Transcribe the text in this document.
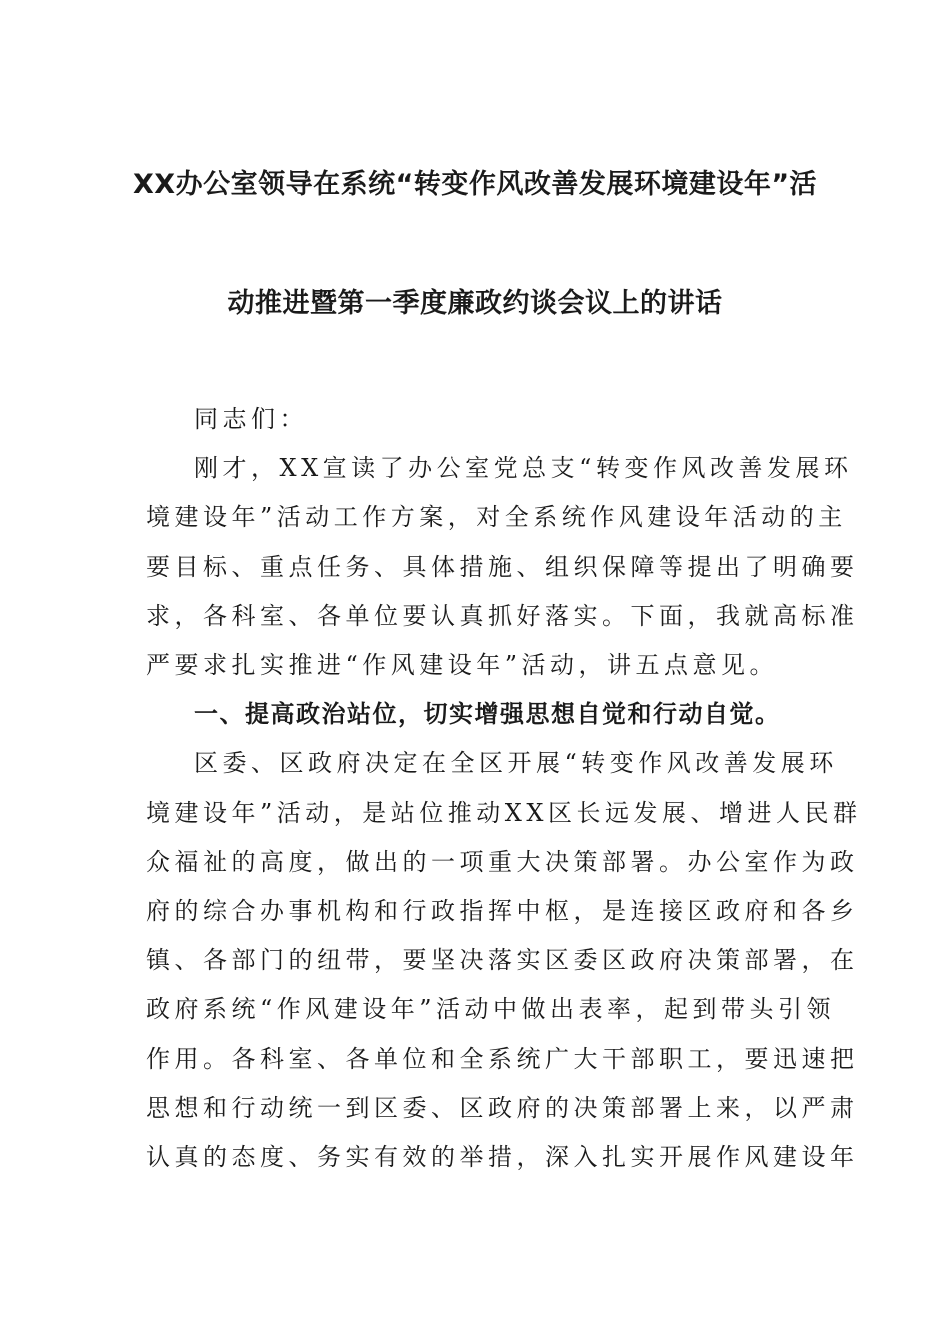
XX办公室领导在系统“转变作风改善发展环境建设年”活
动推进暨第一季度廉政约谈会议上的讲话

同志们：

刚才，XX宣读了办公室党总支“转变作风改善发展环
境建设年”活动工作方案，对全系统作风建设年活动的主
要目标、重点任务、具体措施、组织保障等提出了明确要
求，各科室、各单位要认真抓好落实。下面，我就高标准
严要求扎实推进“作风建设年”活动，讲五点意见。

一、提高政治站位，切实增强思想自觉和行动自觉。

区委、区政府决定在全区开展“转变作风改善发展环
境建设年”活动，是站位推动XX区长远发展、增进人民群
众福祉的高度，做出的一项重大决策部署。办公室作为政
府的综合办事机构和行政指挥中枢，是连接区政府和各乡
镇、各部门的纽带，要坚决落实区委区政府决策部署，在
政府系统“作风建设年”活动中做出表率，起到带头引领
作用。各科室、各单位和全系统广大干部职工，要迅速把
思想和行动统一到区委、区政府的决策部署上来，以严肃
认真的态度、务实有效的举措，深入扎实开展作风建设年
